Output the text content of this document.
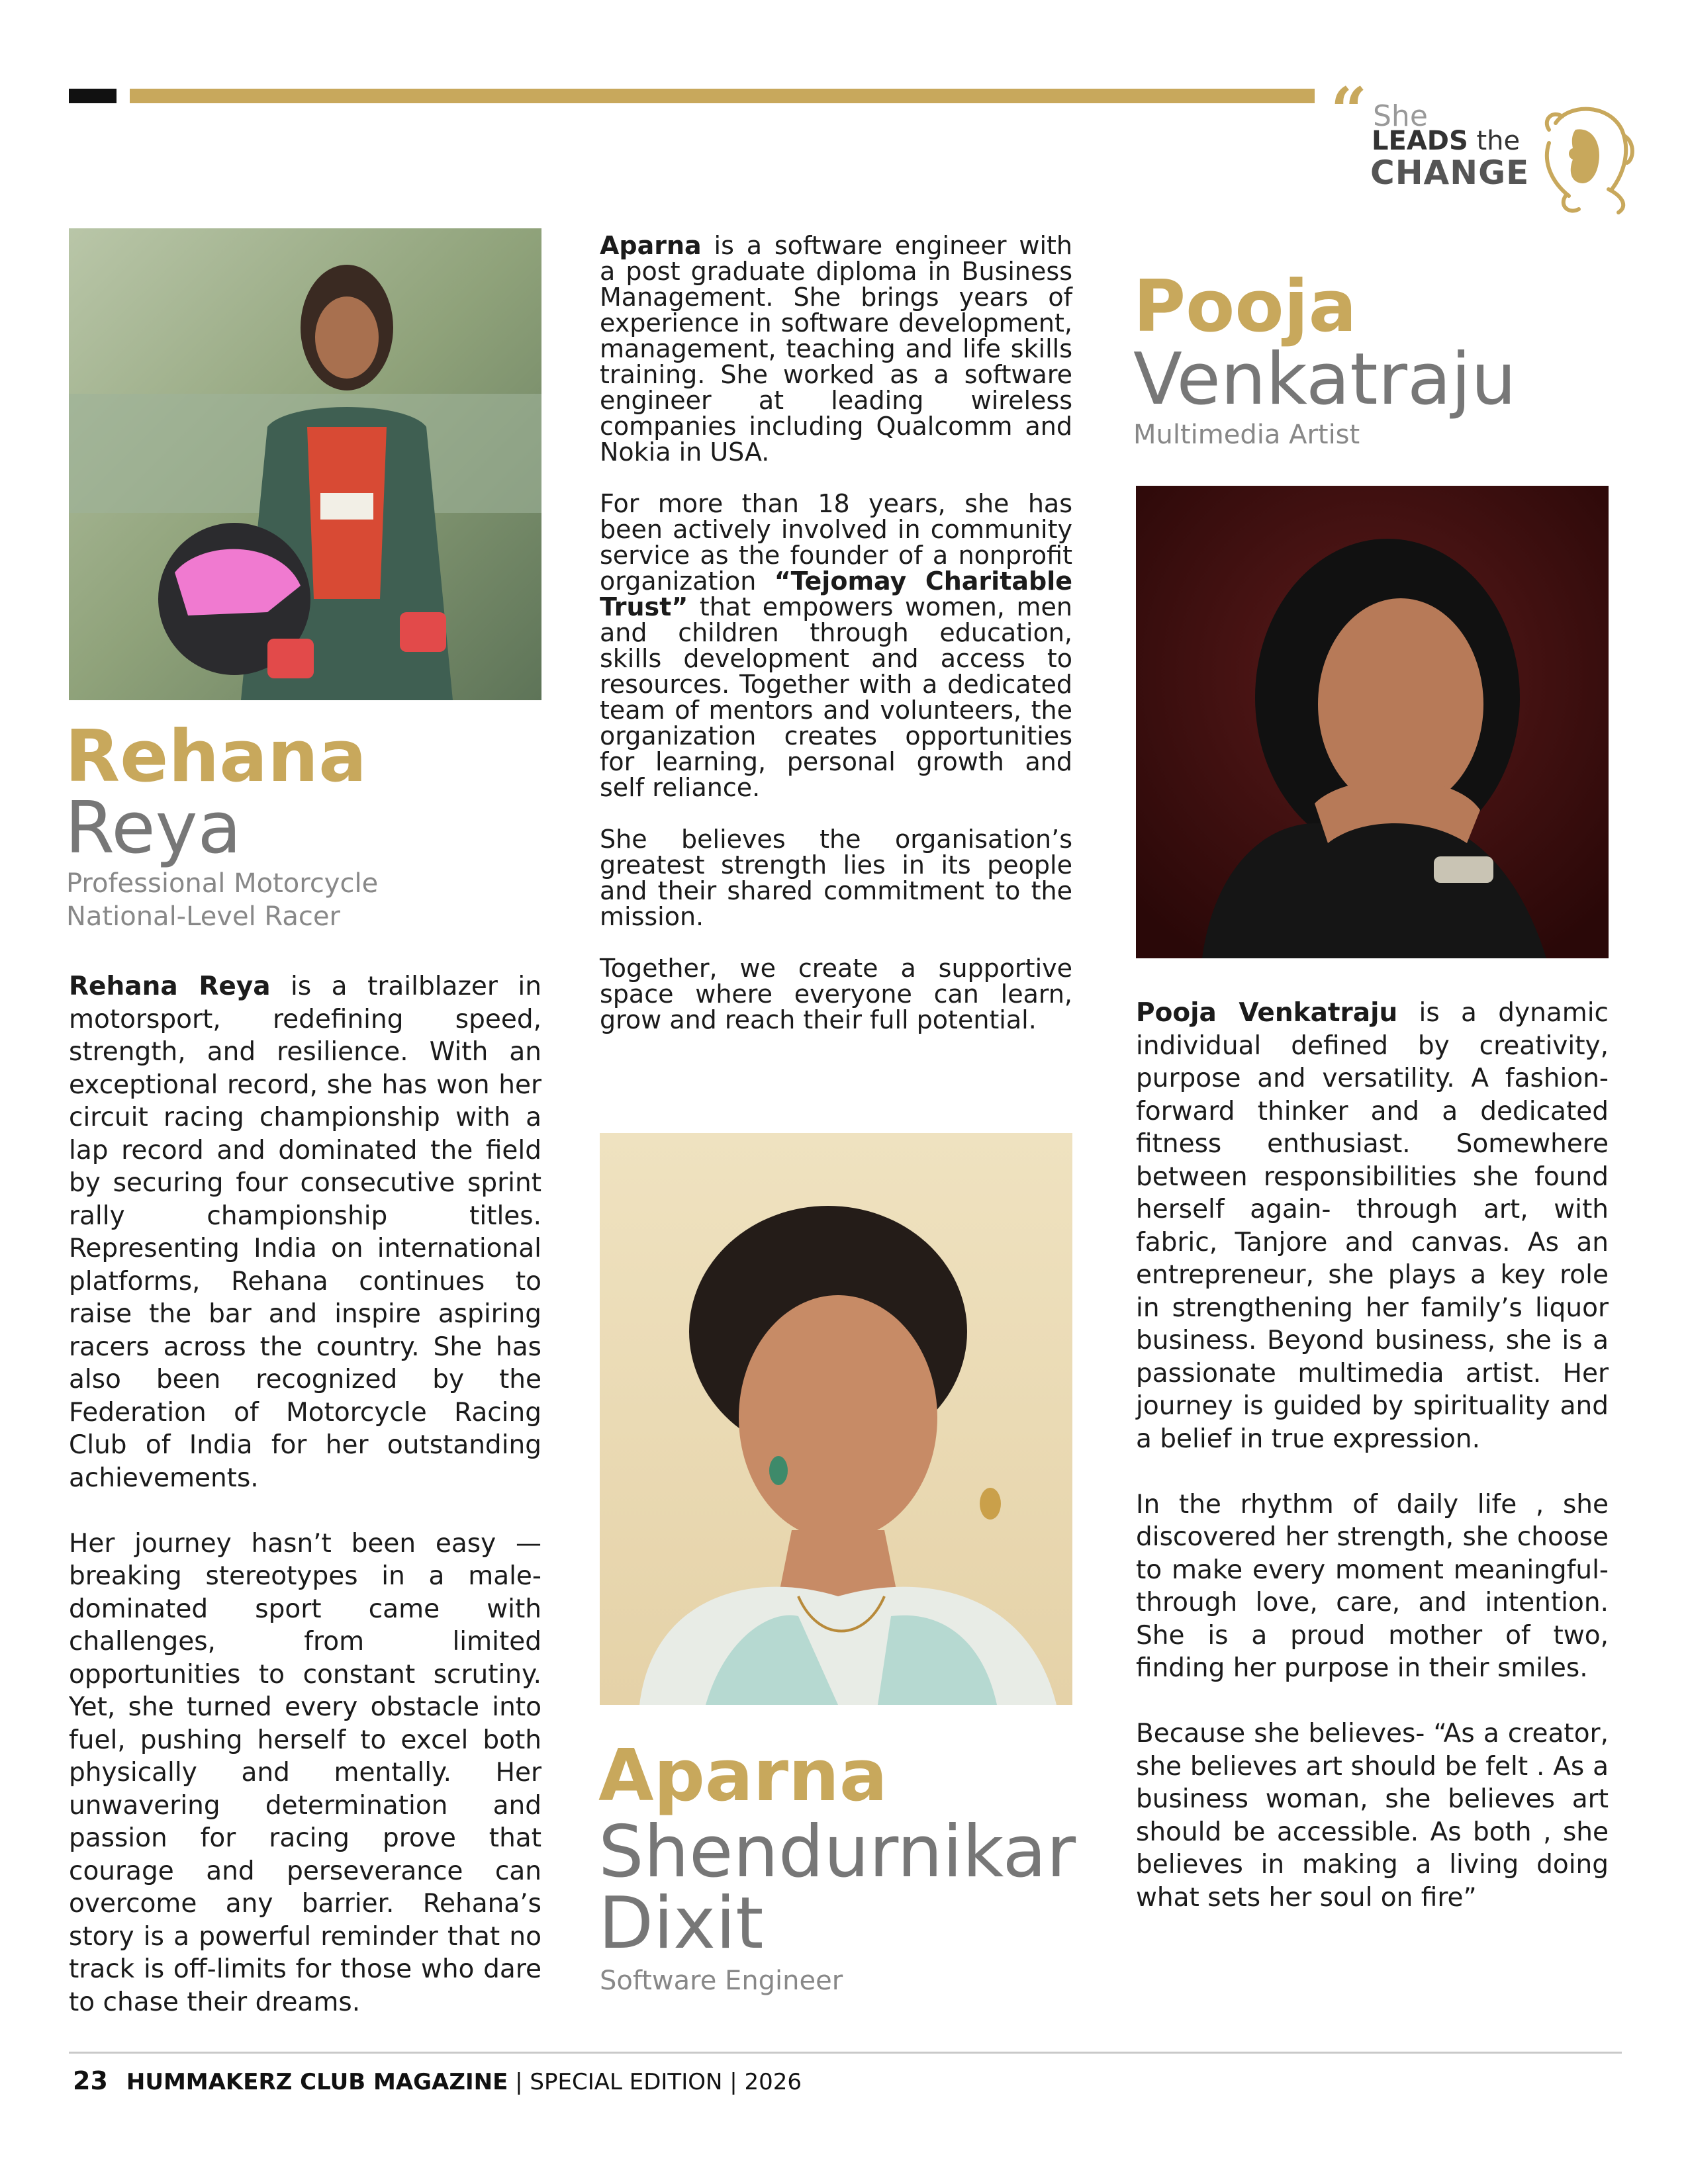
“ She
LEADS the
CHANGE
Rehana
Reya
Professional Motorcycle
National-Level Racer

Rehana Reya is a trailblazer in motorsport, redefining speed, strength, and resilience. With an exceptional record, she has won her circuit racing championship with a lap record and dominated the field by securing four consecutive sprint rally championship titles. Representing India on international platforms, Rehana continues to raise the bar and inspire aspiring racers across the country. She has also been recognized by the Federation of Motorcycle Racing Club of India for her outstanding achievements.

Her journey hasn’t been easy —breaking stereotypes in a male-dominated sport came with challenges, from limited opportunities to constant scrutiny. Yet, she turned every obstacle into fuel, pushing herself to excel both physically and mentally. Her unwavering determination and passion for racing prove that courage and perseverance can overcome any barrier. Rehana’s story is a powerful reminder that no track is off-limits for those who dare to chase their dreams.

Aparna is a software engineer with a post graduate diploma in Business Management. She brings years of experience in software development, management, teaching and life skills training. She worked as a software engineer at leading wireless companies including Qualcomm and Nokia in USA.

For more than 18 years, she has been actively involved in community service as the founder of a nonprofit organization “Tejomay Charitable Trust” that empowers women, men and children through education, skills development and access to resources. Together with a dedicated team of mentors and volunteers, the organization creates opportunities for learning, personal growth and self reliance.

She believes the organisation’s greatest strength lies in its people and their shared commitment to the mission.

Together, we create a supportive space where everyone can learn, grow and reach their full potential.

Aparna
Shendurnikar
Dixit
Software Engineer
Pooja
Venkatraju
Multimedia Artist

Pooja Venkatraju is a dynamic individual defined by creativity, purpose and versatility. A fashion-forward thinker and a dedicated fitness enthusiast. Somewhere between responsibilities she found herself again- through art, with fabric, Tanjore and canvas. As an entrepreneur, she plays a key role in strengthening her family’s liquor business. Beyond business, she is a passionate multimedia artist. Her journey is guided by spirituality and a belief in true expression.

In the rhythm of daily life , she discovered her strength, she choose to make every moment meaningful- through love, care, and intention. She is a proud mother of two, finding her purpose in their smiles.

Because she believes- “As a creator, she believes art should be felt . As a business woman, she believes art should be accessible. As both , she believes in making a living doing what sets her soul on fire”

23 HUMMAKERZ CLUB MAGAZINE | SPECIAL EDITION | 2026
